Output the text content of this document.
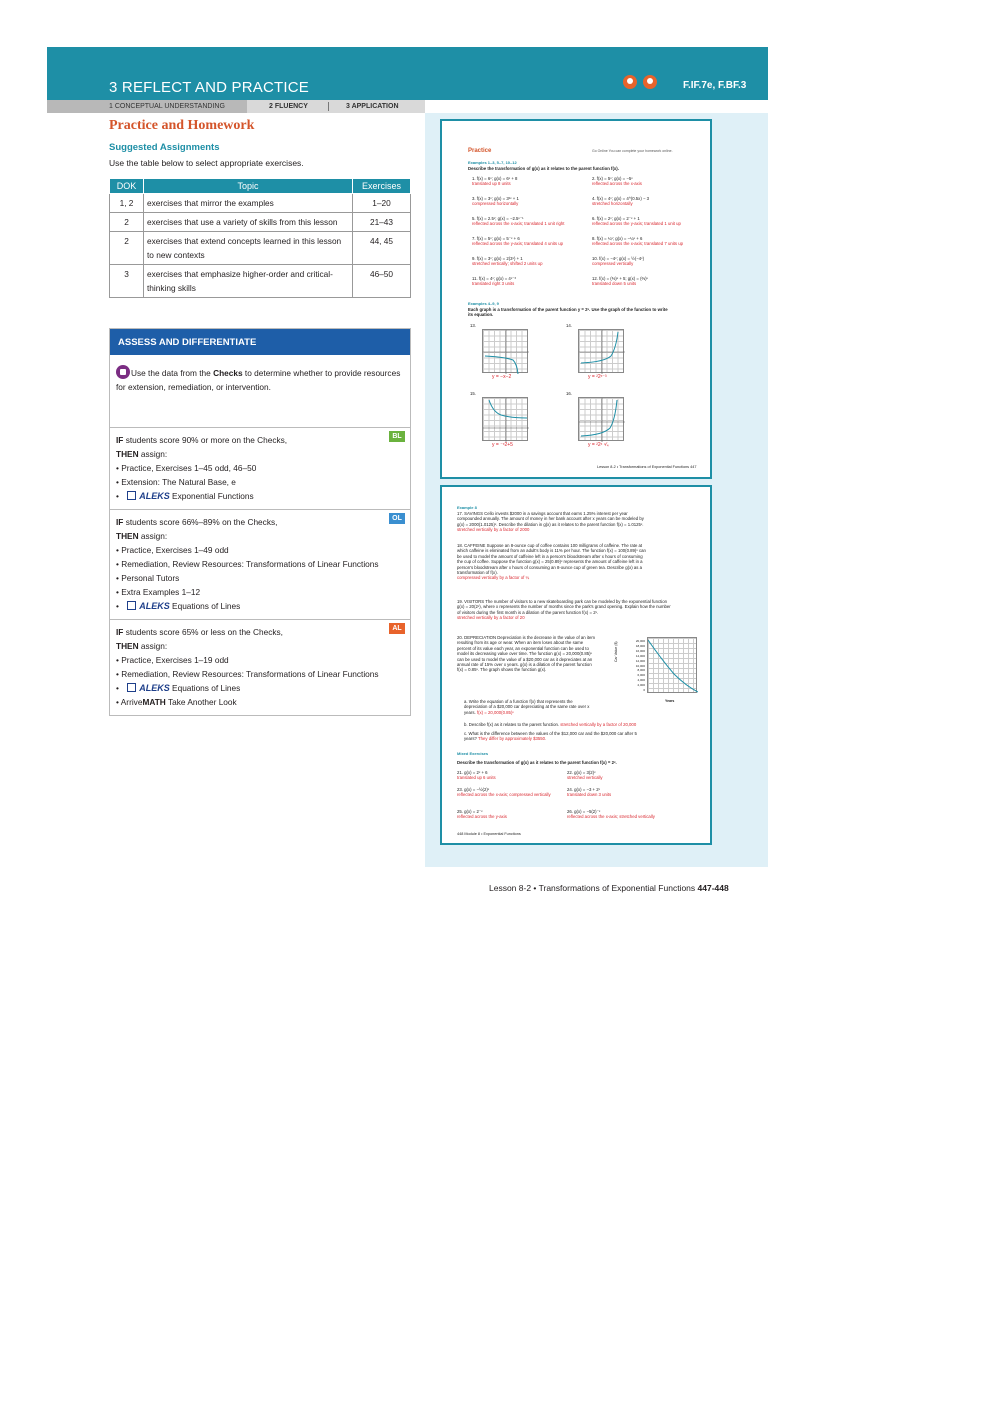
3 REFLECT AND PRACTICE	F.IF.7e, F.BF.3
1 CONCEPTUAL UNDERSTANDING	2 FLUENCY	3 APPLICATION
Practice and Homework
Suggested Assignments
Use the table below to select appropriate exercises.
DOK	Topic	Exercises
1, 2	exercises that mirror the examples	1–20
2	exercises that use a variety of skills from this lesson	21–43
2	exercises that extend concepts learned in this lesson to new contexts	44, 45
3	exercises that emphasize higher-order and critical-thinking skills	46–50
ASSESS AND DIFFERENTIATE
Use the data from the Checks to determine whether to provide resources for extension, remediation, or intervention.
BL
IF students score 90% or more on the Checks,
THEN assign:
• Practice, Exercises 1–45 odd, 46–50
• Extension: The Natural Base, e
• ALEKS Exponential Functions
OL
IF students score 66%–89% on the Checks,
THEN assign:
• Practice, Exercises 1–49 odd
• Remediation, Review Resources: Transformations of Linear Functions
• Personal Tutors
• Extra Examples 1–12
• ALEKS Equations of Lines
AL
IF students score 65% or less on the Checks,
THEN assign:
• Practice, Exercises 1–19 odd
• Remediation, Review Resources: Transformations of Linear Functions
• ALEKS Equations of Lines
• ArriveMATH Take Another Look
Practice	Go Online You can complete your homework online.
Examples 1–3, 5–7, 10–12
Describe the transformation of g(x) as it relates to the parent function f(x).
1. f(x) = 6ˣ; g(x) = 6ˣ + 8
translated up 8 units
2. f(x) = 5ˣ; g(x) = −5ˣ
reflected across the x-axis
3. f(x) = 3ˣ; g(x) = 3²ˣ + 1
compressed horizontally
4. f(x) = 4ˣ; g(x) = 4^(0.5x) − 3
stretched horizontally
5. f(x) = 2.5ˣ; g(x) = −2.5ˣ⁻¹
reflected across the x-axis; translated 1 unit right
6. f(x) = 2ˣ; g(x) = 2⁻ˣ + 1
reflected across the y-axis; translated 1 unit up
7. f(x) = 5ˣ; g(x) = 5⁻ˣ + 6
reflected across the y-axis; translated 4 units up
8. f(x) = ¼ˣ; g(x) = −¼ˣ + 6
reflected across the x-axis; translated 7 units up
9. f(x) = 3ˣ; g(x) = 2(3ˣ) + 1
stretched vertically; shifted 2 units up
10. f(x) = −4ˣ; g(x) = ½(−4ˣ)
compressed vertically
11. f(x) = 4ˣ; g(x) = 4ˣ⁻³
translated right 3 units
12. f(x) = (⅔)ˣ + 5; g(x) = (⅔)ˣ
translated down 5 units
Examples 4–9, 9
Each graph is a transformation of the parent function y = 2ˣ. Use the graph of the function to write its equation.
13.
y = −x−2
14.
y = ²2ˣ⁻³
15.
y = ⁻ˣ2+5
16.
y = ²2ˣ ⁴⁄₄
Lesson 8-2 • Transformations of Exponential Functions 447
Example 8
17. SAVINGS Cello invests $2000 in a savings account that earns 1.25% interest per year compounded annually. The amount of money in her bank account after x years can be modeled by g(x) = 2000(1.0125)ˣ. Describe the dilation in g(x) as it relates to the parent function f(x) = 1.0125ˣ.
stretched vertically by a factor of 2000
18. CAFFEINE Suppose an 8-ounce cup of coffee contains 100 milligrams of caffeine. The rate at which caffeine is eliminated from an adult's body is 11% per hour. The function f(x) = 100(0.89)ˣ can be used to model the amount of caffeine left in a person's bloodstream after x hours of consuming the cup of coffee. Suppose the function g(x) = 25(0.89)ˣ represents the amount of caffeine left in a person's bloodstream after x hours of consuming an 8-ounce cup of green tea. Describe g(x) as a transformation of f(x).
compressed vertically by a factor of ¼
19. VISITORS The number of visitors to a new skateboarding park can be modeled by the exponential function g(x) = 20(2ˣ), where x represents the number of months since the park's grand opening. Explain how the number of visitors during the first month is a dilation of the parent function f(x) = 2ˣ.
stretched vertically by a factor of 20
20. DEPRECIATION Depreciation is the decrease in the value of an item resulting from its age or wear. When an item loses about the same percent of its value each year, an exponential function can be used to model its decreasing value over time. The function g(x) = 20,000(0.85)ˣ can be used to model the value of a $20,000 car as it depreciates at an annual rate of 15% over x years. g(x) is a dilation of the parent function f(x) = 0.85ˣ. The graph shows the function g(x).
20,000
18,000
16,000
14,000
12,000
10,000
8,000
6,000
4,000
2,000
0
Car Value ($)
Years
a. Write the equation of a function f(x) that represents the depreciation of a $20,000 car depreciating at the same rate over x years. f(x) = 20,000(0.85)ˣ
b. Describe f(x) as it relates to the parent function. stretched vertically by a factor of 20,000
c. What is the difference between the values of the $12,000 car and the $20,000 car after 5 years? They differ by approximately $3550.
Mixed Exercises
Describe the transformation of g(x) as it relates to the parent function f(x) = 2ˣ.
21. g(x) = 2ˣ + 6
translated up 6 units
22. g(x) = 3(2)ˣ
stretched vertically
23. g(x) = −½(2)ˣ
reflected across the x-axis; compressed vertically
24. g(x) = −3 + 2ˣ
translated down 3 units
25. g(x) = 2⁻ˣ
reflected across the y-axis
26. g(x) = −5(2)⁻ˣ
reflected across the x-axis; stretched vertically
448 Module 8 • Exponential Functions
Lesson 8-2 • Transformations of Exponential Functions 447-448
